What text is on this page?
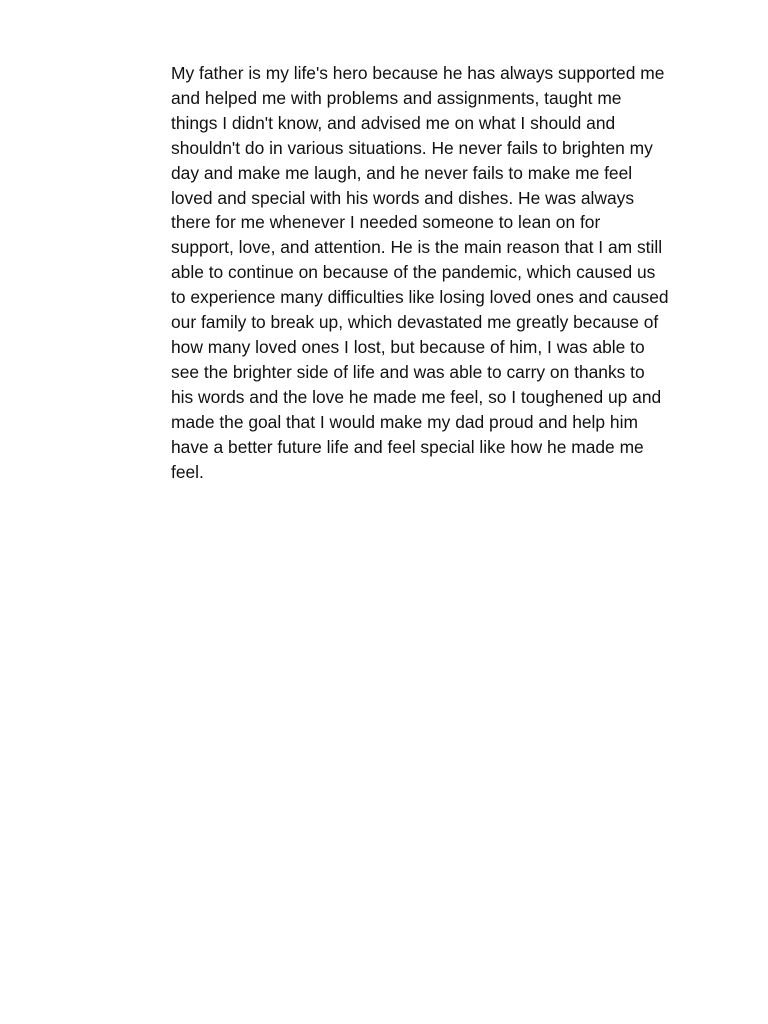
My father is my life's hero because he has always supported me
and helped me with problems and assignments, taught me
things I didn't know, and advised me on what I should and
shouldn't do in various situations. He never fails to brighten my
day and make me laugh, and he never fails to make me feel
loved and special with his words and dishes. He was always
there for me whenever I needed someone to lean on for
support, love, and attention. He is the main reason that I am still
able to continue on because of the pandemic, which caused us
to experience many difficulties like losing loved ones and caused
our family to break up, which devastated me greatly because of
how many loved ones I lost, but because of him, I was able to
see the brighter side of life and was able to carry on thanks to
his words and the love he made me feel, so I toughened up and
made the goal that I would make my dad proud and help him
have a better future life and feel special like how he made me
feel.
